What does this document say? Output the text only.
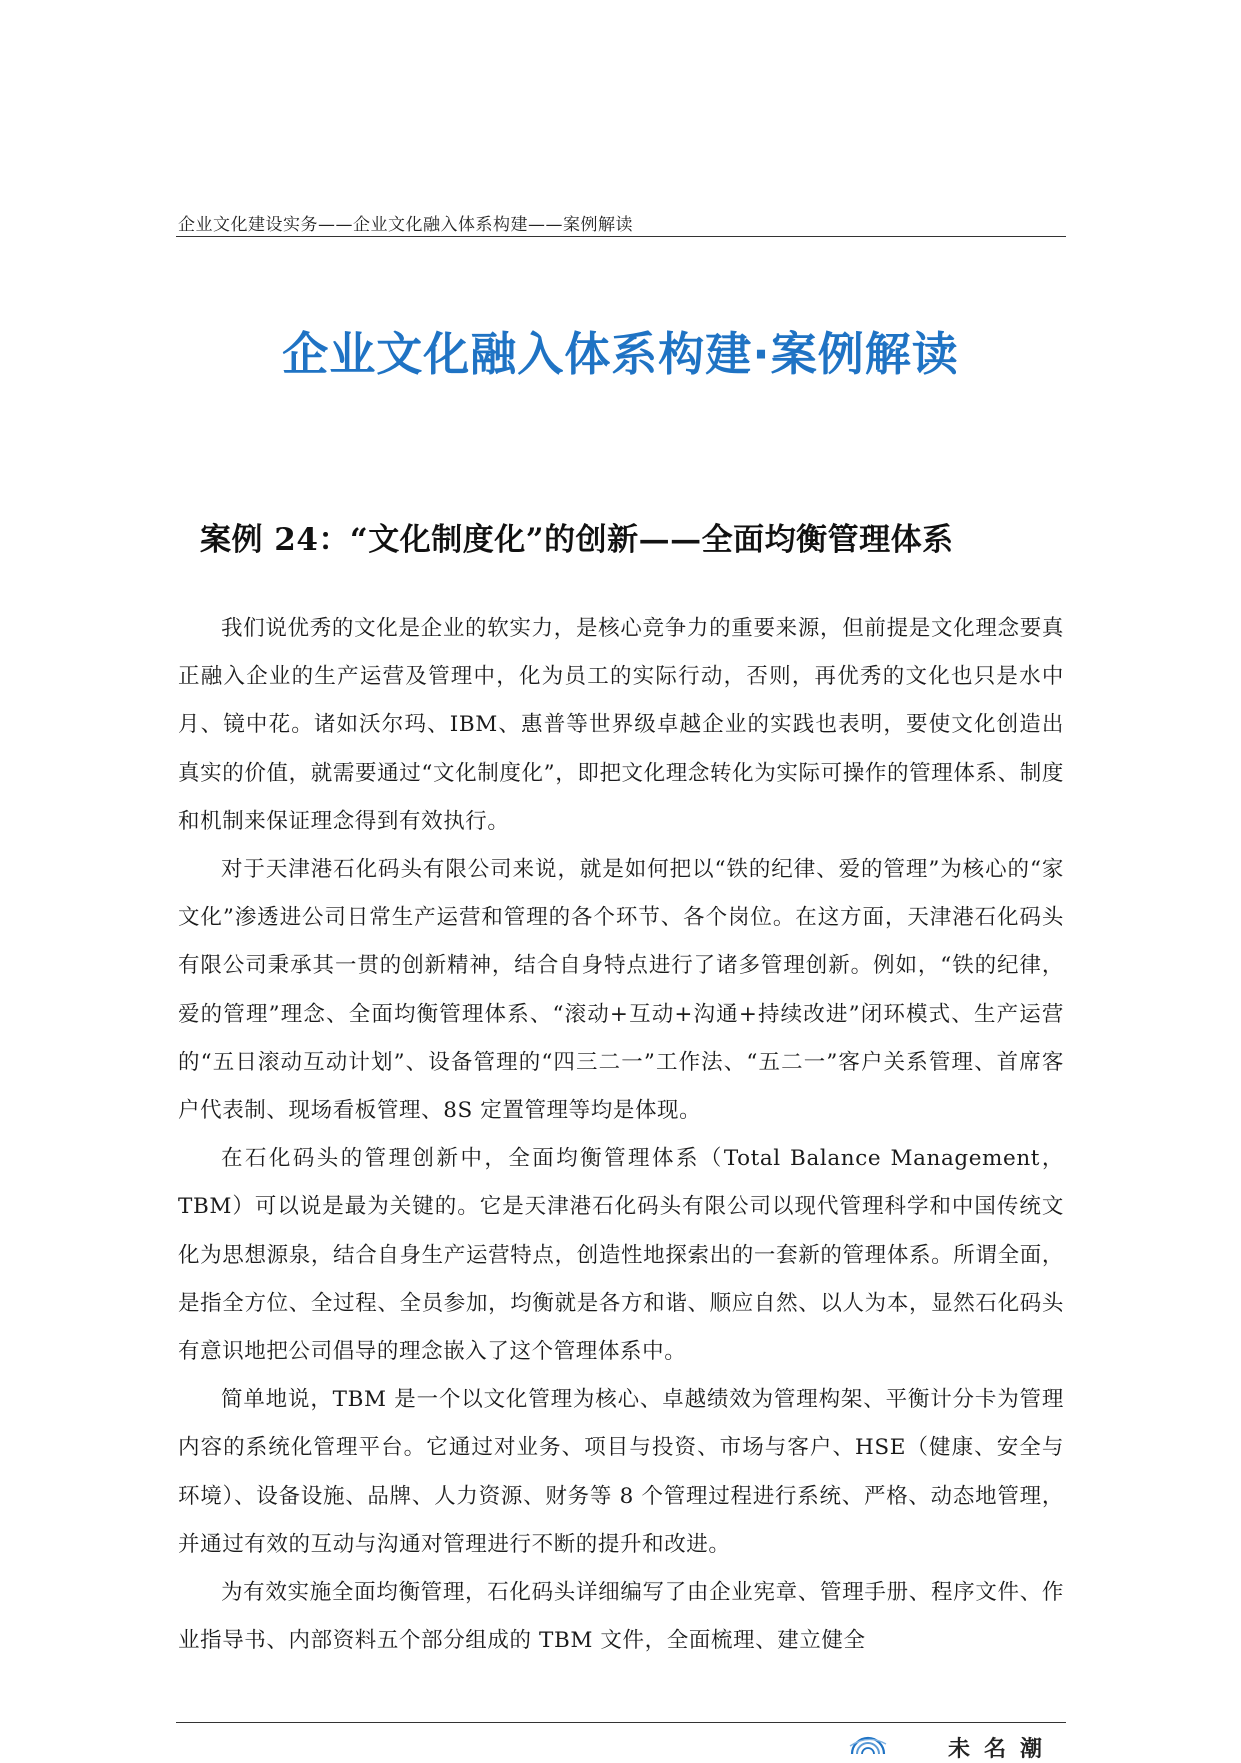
企业文化建设实务——企业文化融入体系构建——案例解读
企业文化融入体系构建·案例解读
案例 24：“文化制度化”的创新——全面均衡管理体系

我们说优秀的文化是企业的软实力，是核心竞争力的重要来源，但前提是文化理念要真正融入企业的生产运营及管理中，化为员工的实际行动，否则，再优秀的文化也只是水中月、镜中花。诸如沃尔玛、IBM、惠普等世界级卓越企业的实践也表明，要使文化创造出真实的价值，就需要通过“文化制度化”，即把文化理念转化为实际可操作的管理体系、制度和机制来保证理念得到有效执行。

对于天津港石化码头有限公司来说，就是如何把以“铁的纪律、爱的管理”为核心的“家文化”渗透进公司日常生产运营和管理的各个环节、各个岗位。在这方面，天津港石化码头有限公司秉承其一贯的创新精神，结合自身特点进行了诸多管理创新。例如，“铁的纪律，爱的管理”理念、全面均衡管理体系、“滚动+互动+沟通+持续改进”闭环模式、生产运营的“五日滚动互动计划”、设备管理的“四三二一”工作法、“五二一”客户关系管理、首席客户代表制、现场看板管理、8S 定置管理等均是体现。

在石化码头的管理创新中，全面均衡管理体系（Total Balance Management，TBM）可以说是最为关键的。它是天津港石化码头有限公司以现代管理科学和中国传统文化为思想源泉，结合自身生产运营特点，创造性地探索出的一套新的管理体系。所谓全面，是指全方位、全过程、全员参加，均衡就是各方和谐、顺应自然、以人为本，显然石化码头有意识地把公司倡导的理念嵌入了这个管理体系中。

简单地说，TBM 是一个以文化管理为核心、卓越绩效为管理构架、平衡计分卡为管理内容的系统化管理平台。它通过对业务、项目与投资、市场与客户、HSE（健康、安全与环境）、设备设施、品牌、人力资源、财务等 8 个管理过程进行系统、严格、动态地管理，并通过有效的互动与沟通对管理进行不断的提升和改进。

为有效实施全面均衡管理，石化码头详细编写了由企业宪章、管理手册、程序文件、作业指导书、内部资料五个部分组成的 TBM 文件，全面梳理、建立健全

未名潮
